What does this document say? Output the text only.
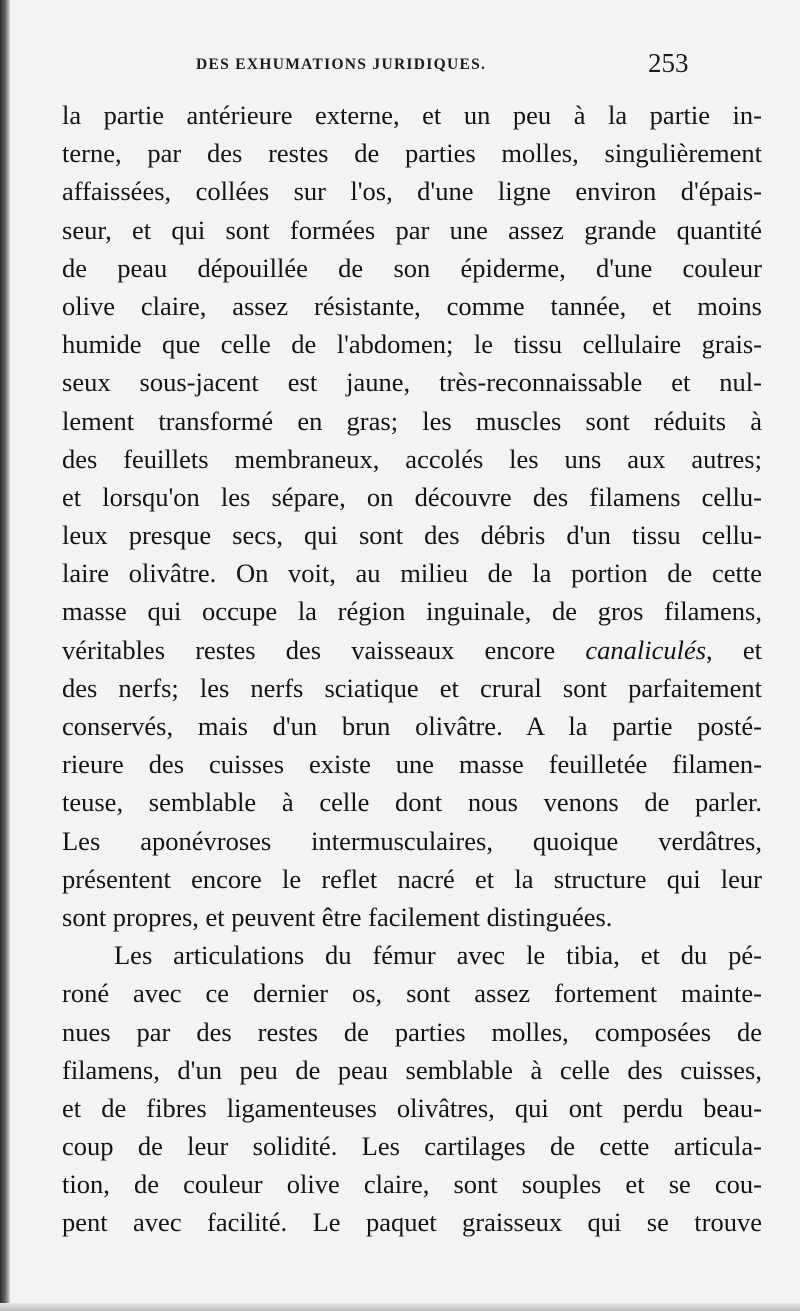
DES EXHUMATIONS JURIDIQUES.	253
la partie antérieure externe, et un peu à la partie in-
terne, par des restes de parties molles, singulièrement
affaissées, collées sur l'os, d'une ligne environ d'épais-
seur, et qui sont formées par une assez grande quantité
de peau dépouillée de son épiderme, d'une couleur
olive claire, assez résistante, comme tannée, et moins
humide que celle de l'abdomen; le tissu cellulaire grais-
seux sous-jacent est jaune, très-reconnaissable et nul-
lement transformé en gras; les muscles sont réduits à
des feuillets membraneux, accolés les uns aux autres;
et lorsqu'on les sépare, on découvre des filamens cellu-
leux presque secs, qui sont des débris d'un tissu cellu-
laire olivâtre. On voit, au milieu de la portion de cette
masse qui occupe la région inguinale, de gros filamens,
véritables restes des vaisseaux encore canaliculés, et
des nerfs; les nerfs sciatique et crural sont parfaitement
conservés, mais d'un brun olivâtre. A la partie posté-
rieure des cuisses existe une masse feuilletée filamen-
teuse, semblable à celle dont nous venons de parler.
Les aponévroses intermusculaires, quoique verdâtres,
présentent encore le reflet nacré et la structure qui leur
sont propres, et peuvent être facilement distinguées.
Les articulations du fémur avec le tibia, et du pé-
roné avec ce dernier os, sont assez fortement mainte-
nues par des restes de parties molles, composées de
filamens, d'un peu de peau semblable à celle des cuisses,
et de fibres ligamenteuses olivâtres, qui ont perdu beau-
coup de leur solidité. Les cartilages de cette articula-
tion, de couleur olive claire, sont souples et se cou-
pent avec facilité. Le paquet graisseux qui se trouve
